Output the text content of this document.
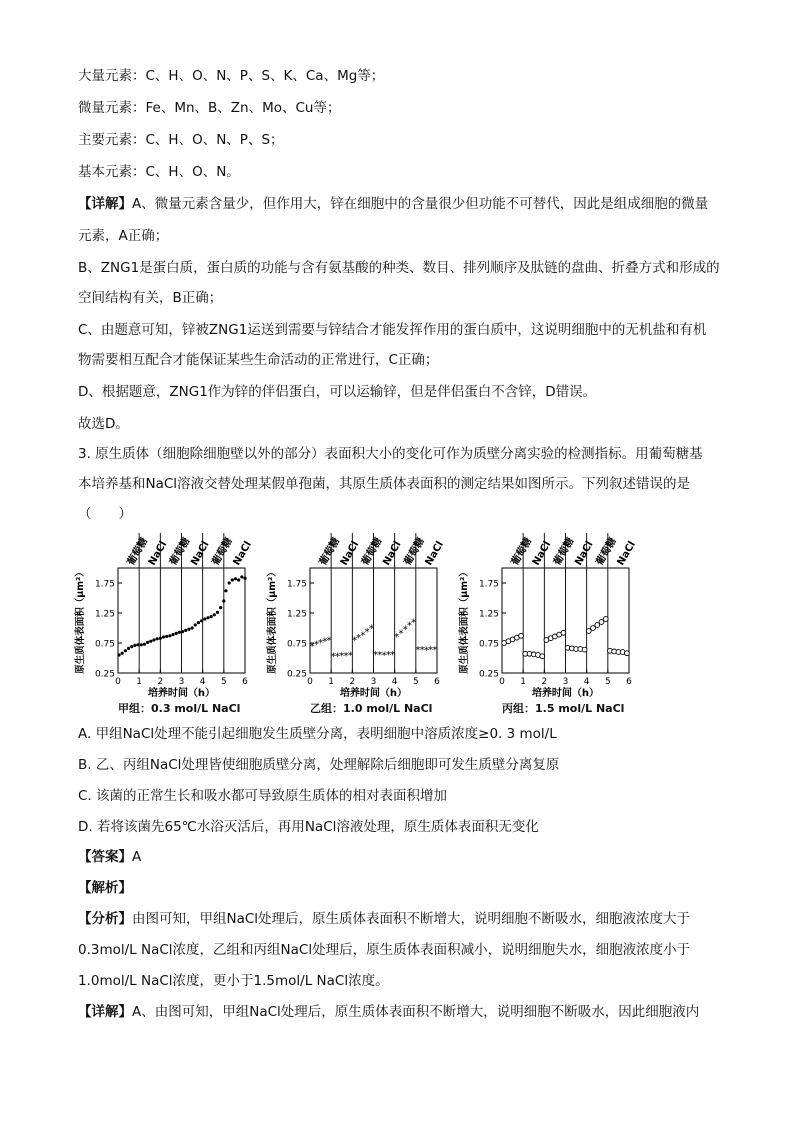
大量元素：C、H、O、N、P、S、K、Ca、Mg等；
微量元素：Fe、Mn、B、Zn、Mo、Cu等；
主要元素：C、H、O、N、P、S；
基本元素：C、H、O、N。
【详解】A、微量元素含量少，但作用大，锌在细胞中的含量很少但功能不可替代，因此是组成细胞的微量
元素，A正确；
B、ZNG1是蛋白质，蛋白质的功能与含有氨基酸的种类、数目、排列顺序及肽链的盘曲、折叠方式和形成的
空间结构有关，B正确；
C、由题意可知，锌被ZNG1运送到需要与锌结合才能发挥作用的蛋白质中，这说明细胞中的无机盐和有机
物需要相互配合才能保证某些生命活动的正常进行，C正确；
D、根据题意，ZNG1作为锌的伴侣蛋白，可以运输锌，但是伴侣蛋白不含锌，D错误。
故选D。
3. 原生质体（细胞除细胞壁以外的部分）表面积大小的变化可作为质壁分离实验的检测指标。用葡萄糖基
本培养基和NaCl溶液交替处理某假单孢菌，其原生质体表面积的测定结果如图所示。下列叙述错误的是
（　　）
葡萄糖
NaCl
葡萄糖
NaCl
葡萄糖
NaCl
0.25
0.75
1.25
1.75
0 1 2 3 4 5 6
培养时间（h）
原生质体表面积（μm²）
甲组：0.3 mol/L NaCl
葡萄糖
NaCl
葡萄糖
NaCl
葡萄糖
NaCl
0.25
0.75
1.25
1.75
0 1 2 3 4 5 6
培养时间（h）
原生质体表面积（μm²）	* * * * *
* * * * *
* * * * *
* * * * *
* * * * *
* * * * *
乙组：1.0 mol/L NaCl
葡萄糖
NaCl
葡萄糖
NaCl
葡萄糖
NaCl
0.25
0.75
1.25
1.75
0 1 2 3 4 5 6
培养时间（h）
原生质体表面积（μm²）
丙组：1.5 mol/L NaCl
A. 甲组NaCl处理不能引起细胞发生质壁分离，表明细胞中溶质浓度≥0. 3 mol/L
B. 乙、丙组NaCl处理皆使细胞质壁分离，处理解除后细胞即可发生质壁分离复原
C. 该菌的正常生长和吸水都可导致原生质体的相对表面积增加
D. 若将该菌先65℃水浴灭活后，再用NaCl溶液处理，原生质体表面积无变化
【答案】A
【解析】
【分析】由图可知，甲组NaCl处理后，原生质体表面积不断增大，说明细胞不断吸水，细胞液浓度大于
0.3mol/L NaCl浓度，乙组和丙组NaCl处理后，原生质体表面积减小，说明细胞失水，细胞液浓度小于
1.0mol/L NaCl浓度，更小于1.5mol/L NaCl浓度。
【详解】A、由图可知，甲组NaCl处理后，原生质体表面积不断增大，说明细胞不断吸水，因此细胞液内
